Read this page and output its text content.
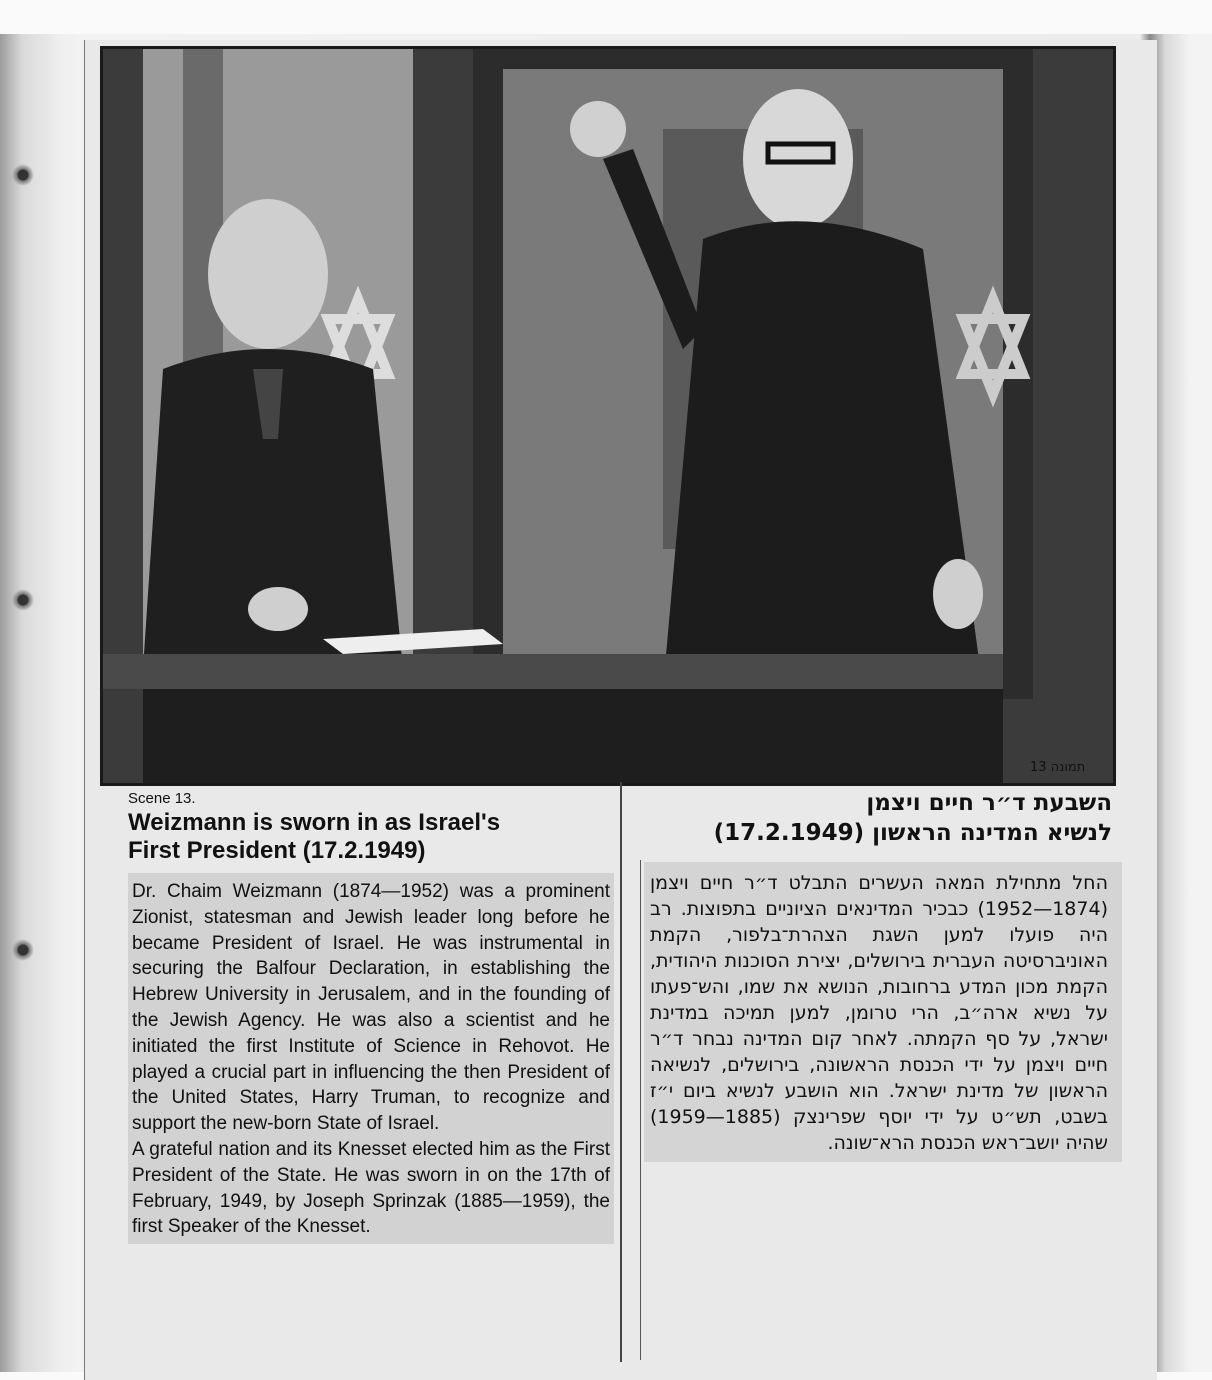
תמונה 13
Scene 13.
Weizmann is sworn in as Israel's
First President (17.2.1949)

Dr. Chaim Weizmann (1874—1952) was a prominent Zionist, statesman and Jewish leader long before he became President of Israel. He was instrumental in securing the Balfour Declaration, in establishing the Hebrew University in Jerusalem, and in the founding of the Jewish Agency. He was also a scientist and he initiated the first Institute of Science in Rehovot. He played a crucial part in influencing the then President of the United States, Harry Truman, to recognize and support the new-born State of Israel.

A grateful nation and its Knesset elected him as the First President of the State. He was sworn in on the 17th of February, 1949, by Joseph Sprinzak (1885—1959), the first Speaker of the Knesset.

השבעת ד״ר חיים ויצמן
לנשיא המדינה הראשון (17.2.1949)
החל מתחילת המאה העשרים התבלט ד״ר חיים ויצמן (1874—1952) כבכיר המדינאים הציוניים בתפוצות. רב היה פועלו למען השגת הצהרת־בלפור, הקמת האוניברסיטה העברית בירושלים, יצירת הסוכנות היהודית, הקמת מכון המדע ברחובות, הנושא את שמו, והש־פעתו על נשיא ארה״ב, הרי טרומן, למען תמיכה במדינת ישראל, על סף הקמתה. לאחר קום המדינה נבחר ד״ר חיים ויצמן על ידי הכנסת הראשונה, בירושלים, לנשיאה הראשון של מדינת ישראל. הוא הושבע לנשיא ביום י״ז בשבט, תש״ט על ידי יוסף שפרינצק (1885—1959) שהיה יושב־ראש הכנסת הרא־שונה.
